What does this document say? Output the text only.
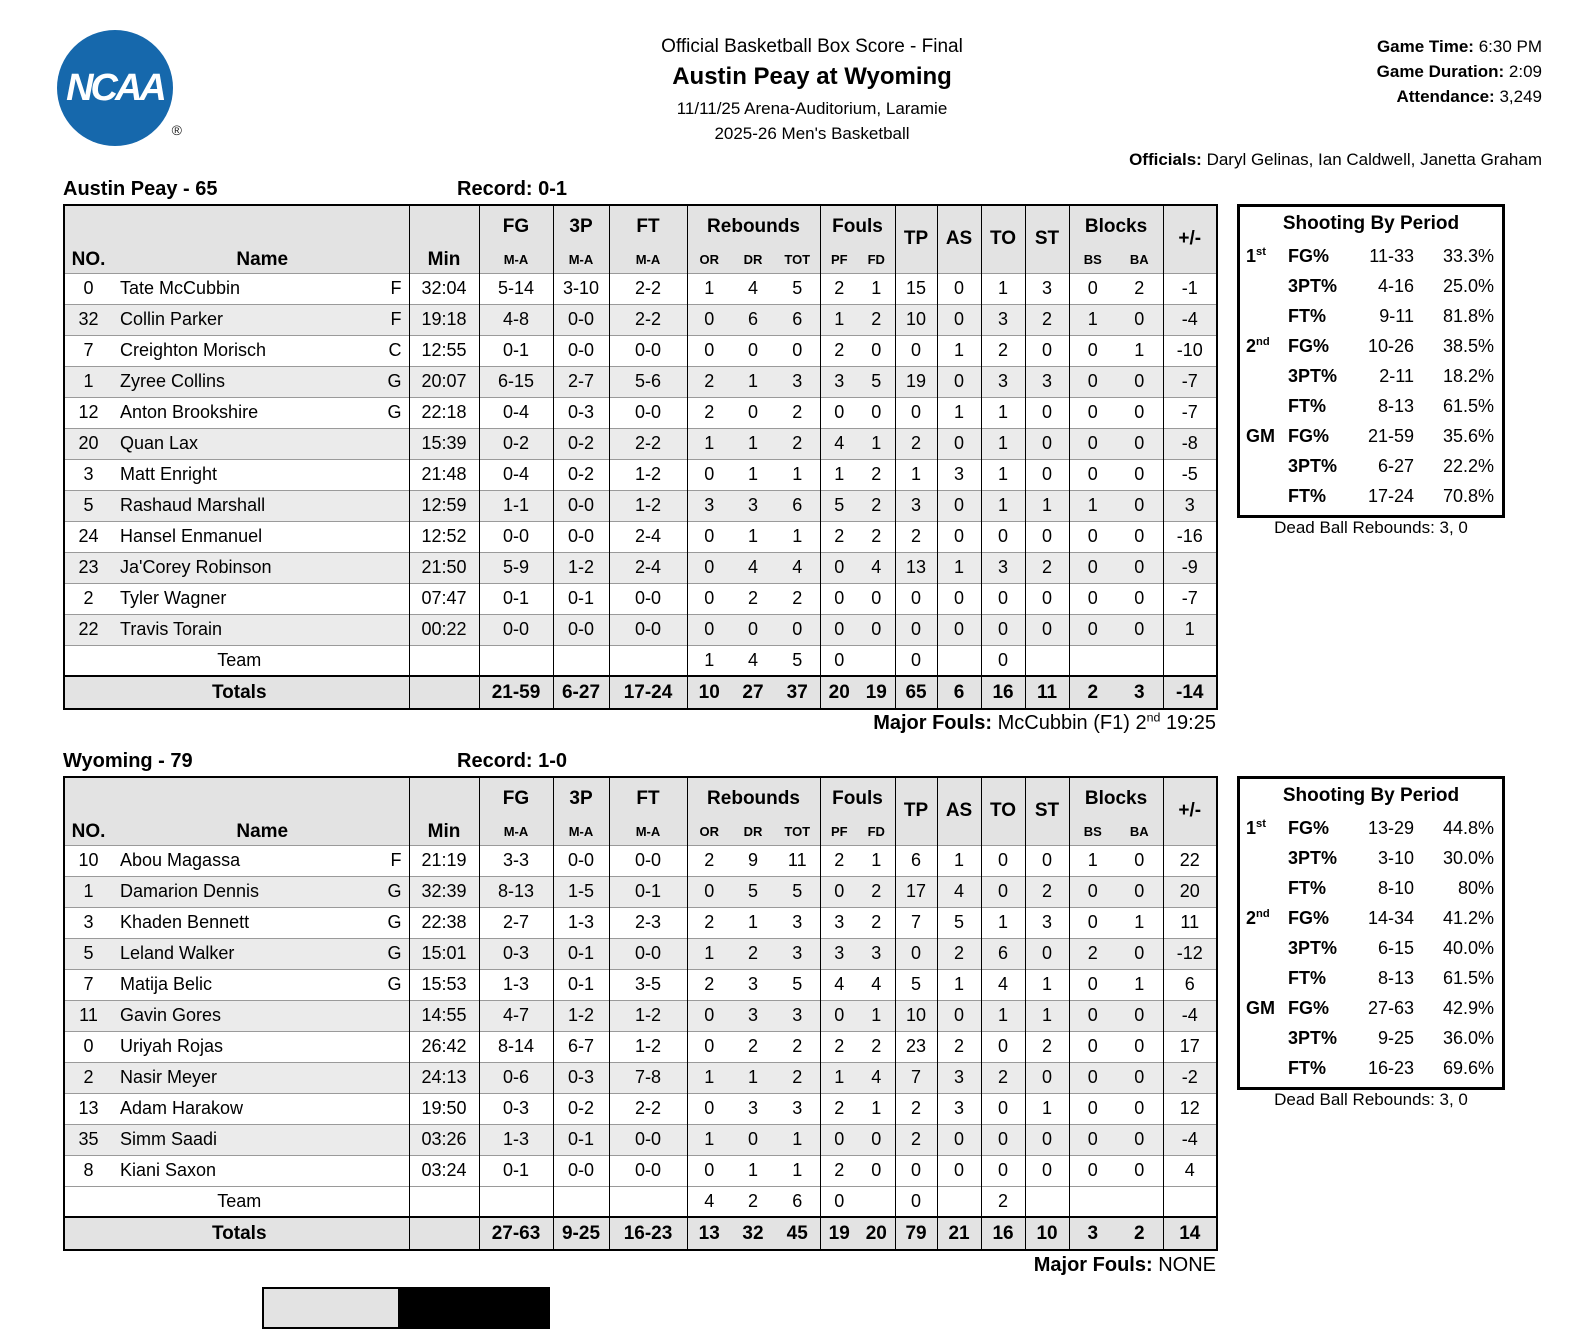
NCAA
®
Official Basketball Box Score - Final
Austin Peay at Wyoming
11/11/25 Arena-Auditorium, Laramie
2025-26 Men's Basketball
Game Time: 6:30 PM
Game Duration: 2:09
Attendance: 3,249
Officials: Daryl Gelinas, Ian Caldwell, Janetta Graham
Austin Peay - 65	Record: 0-1
			FG	3P	FT	Rebounds			Fouls		TP	AS	TO	ST	Blocks		+/-
NO.	Name	Min	M-A	M-A	M-A	OR	DR	TOT	PF	FD					BS	BA	
0	Tate McCubbin F	32:04	5-14	3-10	2-2	1	4	5	2	1	15	0	1	3	0	2	-1
32	Collin Parker F	19:18	4-8	0-0	2-2	0	6	6	1	2	10	0	3	2	1	0	-4
7	Creighton Morisch C	12:55	0-1	0-0	0-0	0	0	0	2	0	0	1	2	0	0	1	-10
1	Zyree Collins G	20:07	6-15	2-7	5-6	2	1	3	3	5	19	0	3	3	0	0	-7
12	Anton Brookshire G	22:18	0-4	0-3	0-0	2	0	2	0	0	0	1	1	0	0	0	-7
20	Quan Lax	15:39	0-2	0-2	2-2	1	1	2	4	1	2	0	1	0	0	0	-8
3	Matt Enright	21:48	0-4	0-2	1-2	0	1	1	1	2	1	3	1	0	0	0	-5
5	Rashaud Marshall	12:59	1-1	0-0	1-2	3	3	6	5	2	3	0	1	1	1	0	3
24	Hansel Enmanuel	12:52	0-0	0-0	2-4	0	1	1	2	2	2	0	0	0	0	0	-16
23	Ja'Corey Robinson	21:50	5-9	1-2	2-4	0	4	4	0	4	13	1	3	2	0	0	-9
2	Tyler Wagner	07:47	0-1	0-1	0-0	0	2	2	0	0	0	0	0	0	0	0	-7
22	Travis Torain	00:22	0-0	0-0	0-0	0	0	0	0	0	0	0	0	0	0	0	1
Team						1	4	5	0		0		0				
Totals			21-59	6-27	17-24	10	27	37	20	19	65	6	16	11	2	3	-14
Shooting By Period
1st	FG%	11-33	33.3%
3PT%	4-16	25.0%
FT%	9-11	81.8%
2nd	FG%	10-26	38.5%
3PT%	2-11	18.2%
FT%	8-13	61.5%
GM FG%	21-59	35.6%
3PT%	6-27	22.2%
FT%	17-24	70.8%
Dead Ball Rebounds: 3, 0
Major Fouls: McCubbin (F1) 2nd 19:25
Wyoming - 79	Record: 1-0
			FG	3P	FT	Rebounds			Fouls		TP	AS	TO	ST	Blocks		+/-
NO.	Name	Min	M-A	M-A	M-A	OR	DR	TOT	PF	FD					BS	BA	
10	Abou Magassa F	21:19	3-3	0-0	0-0	2	9	11	2	1	6	1	0	0	1	0	22
1	Damarion Dennis G	32:39	8-13	1-5	0-1	0	5	5	0	2	17	4	0	2	0	0	20
3	Khaden Bennett G	22:38	2-7	1-3	2-3	2	1	3	3	2	7	5	1	3	0	1	11
5	Leland Walker G	15:01	0-3	0-1	0-0	1	2	3	3	3	0	2	6	0	2	0	-12
7	Matija Belic G	15:53	1-3	0-1	3-5	2	3	5	4	4	5	1	4	1	0	1	6
11	Gavin Gores	14:55	4-7	1-2	1-2	0	3	3	0	1	10	0	1	1	0	0	-4
0	Uriyah Rojas	26:42	8-14	6-7	1-2	0	2	2	2	2	23	2	0	2	0	0	17
2	Nasir Meyer	24:13	0-6	0-3	7-8	1	1	2	1	4	7	3	2	0	0	0	-2
13	Adam Harakow	19:50	0-3	0-2	2-2	0	3	3	2	1	2	3	0	1	0	0	12
35	Simm Saadi	03:26	1-3	0-1	0-0	1	0	1	0	0	2	0	0	0	0	0	-4
8	Kiani Saxon	03:24	0-1	0-0	0-0	0	1	1	2	0	0	0	0	0	0	0	4
Team						4	2	6	0		0		2				
Totals			27-63	9-25	16-23	13	32	45	19	20	79	21	16	10	3	2	14
Shooting By Period
1st	FG%	13-29	44.8%
3PT%	3-10	30.0%
FT%	8-10	80%
2nd	FG%	14-34	41.2%
3PT%	6-15	40.0%
FT%	8-13	61.5%
GM FG%	27-63	42.9%
3PT%	9-25	36.0%
FT%	16-23	69.6%
Dead Ball Rebounds: 3, 0
Major Fouls: NONE
